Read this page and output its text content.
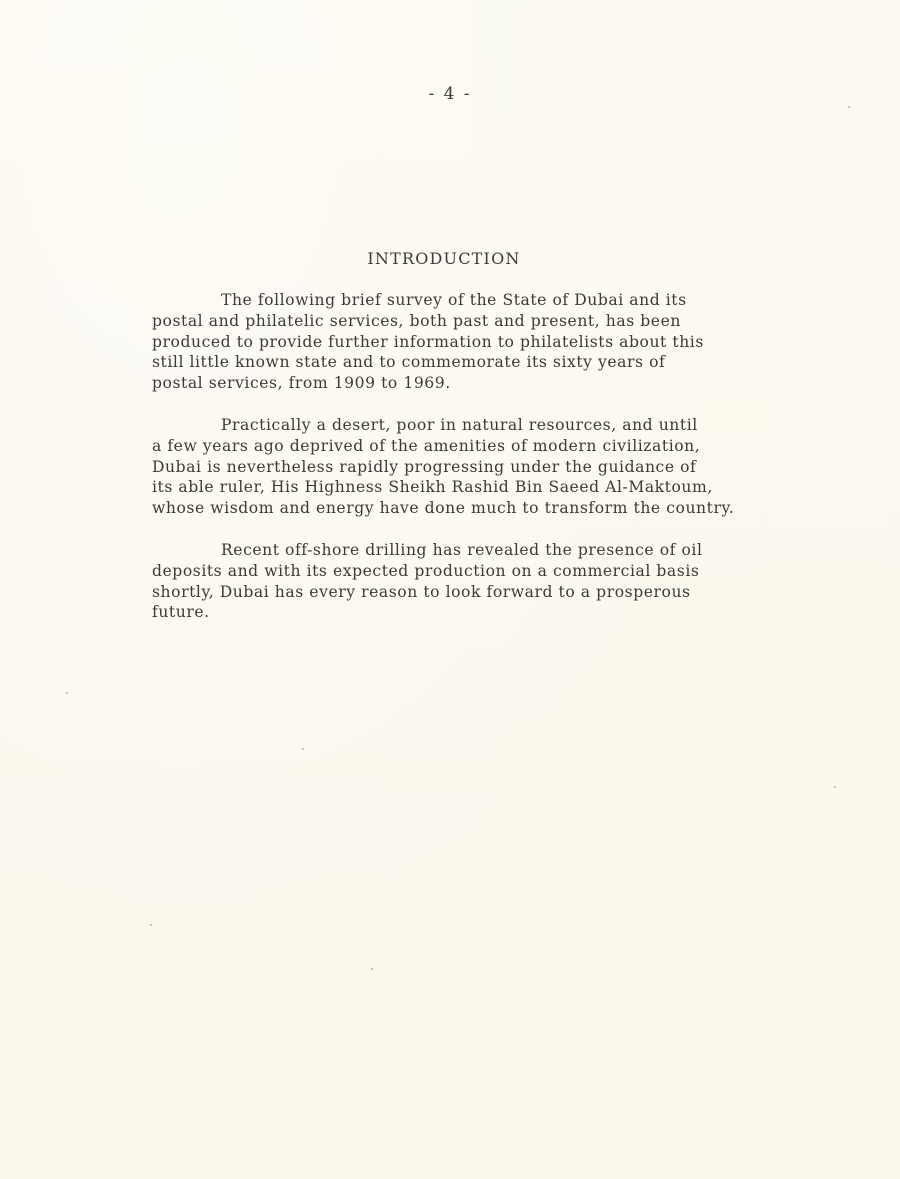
- 4 -
INTRODUCTION
The following brief survey of the State of Dubai and its
postal and philatelic services, both past and present, has been
produced to provide further information to philatelists about this
still little known state and to commemorate its sixty years of
postal services, from 1909 to 1969.
Practically a desert, poor in natural resources, and until
a few years ago deprived of the amenities of modern civilization,
Dubai is nevertheless rapidly progressing under the guidance of
its able ruler, His Highness Sheikh Rashid Bin Saeed Al-Maktoum,
whose wisdom and energy have done much to transform the country.
Recent off-shore drilling has revealed the presence of oil
deposits and with its expected production on a commercial basis
shortly, Dubai has every reason to look forward to a prosperous
future.
